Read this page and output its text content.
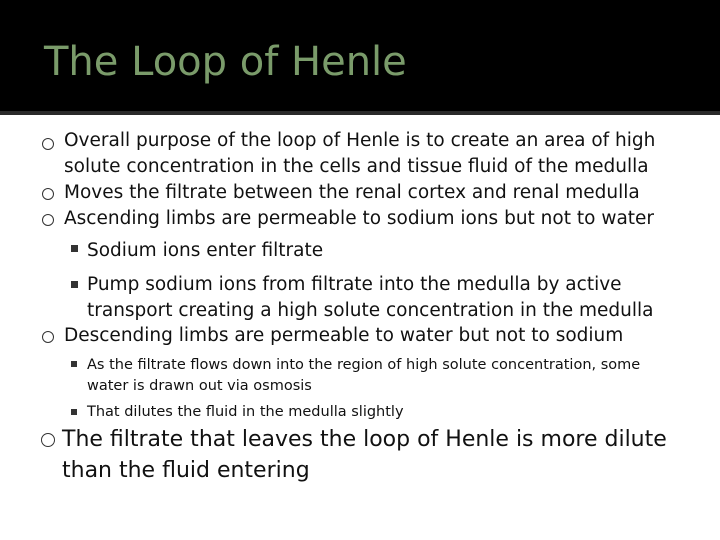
The Loop of Henle
Overall purpose of the loop of Henle is to create an area of high
solute concentration in the cells and tissue fluid of the medulla
Moves the filtrate between the renal cortex and renal medulla
Ascending limbs are permeable to sodium ions but not to water
Sodium ions enter filtrate
Pump sodium ions from filtrate into the medulla by active
transport creating a high solute concentration in the medulla
Descending limbs are permeable to water but not to sodium
As the filtrate flows down into the region of high solute concentration, some
water is drawn out via osmosis
That dilutes the fluid in the medulla slightly
The filtrate that leaves the loop of Henle is more dilute
than the fluid entering
